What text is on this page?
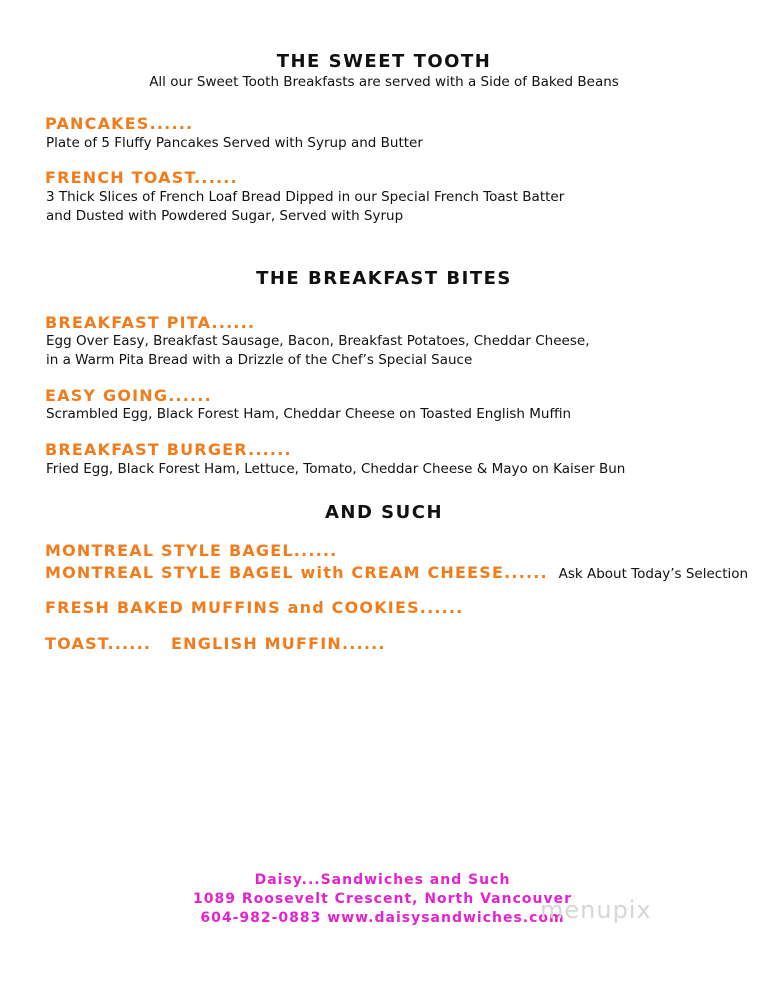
THE SWEET TOOTH
All our Sweet Tooth Breakfasts are served with a Side of Baked Beans
PANCAKES......
Plate of 5 Fluffy Pancakes Served with Syrup and Butter
FRENCH TOAST......
3 Thick Slices of French Loaf Bread Dipped in our Special French Toast Batter
and Dusted with Powdered Sugar, Served with Syrup
THE BREAKFAST BITES
BREAKFAST PITA......
Egg Over Easy, Breakfast Sausage, Bacon, Breakfast Potatoes, Cheddar Cheese,
in a Warm Pita Bread with a Drizzle of the Chef’s Special Sauce
EASY GOING......
Scrambled Egg, Black Forest Ham, Cheddar Cheese on Toasted English Muffin
BREAKFAST BURGER......
Fried Egg, Black Forest Ham, Lettuce, Tomato, Cheddar Cheese & Mayo on Kaiser Bun
AND SUCH
MONTREAL STYLE BAGEL......
MONTREAL STYLE BAGEL with CREAM CHEESE...... Ask About Today’s Selection
FRESH BAKED MUFFINS and COOKIES......
TOAST...... ENGLISH MUFFIN......
Daisy...Sandwiches and Such
1089 Roosevelt Crescent, North Vancouver
604-982-0883 www.daisysandwiches.com
menupix
